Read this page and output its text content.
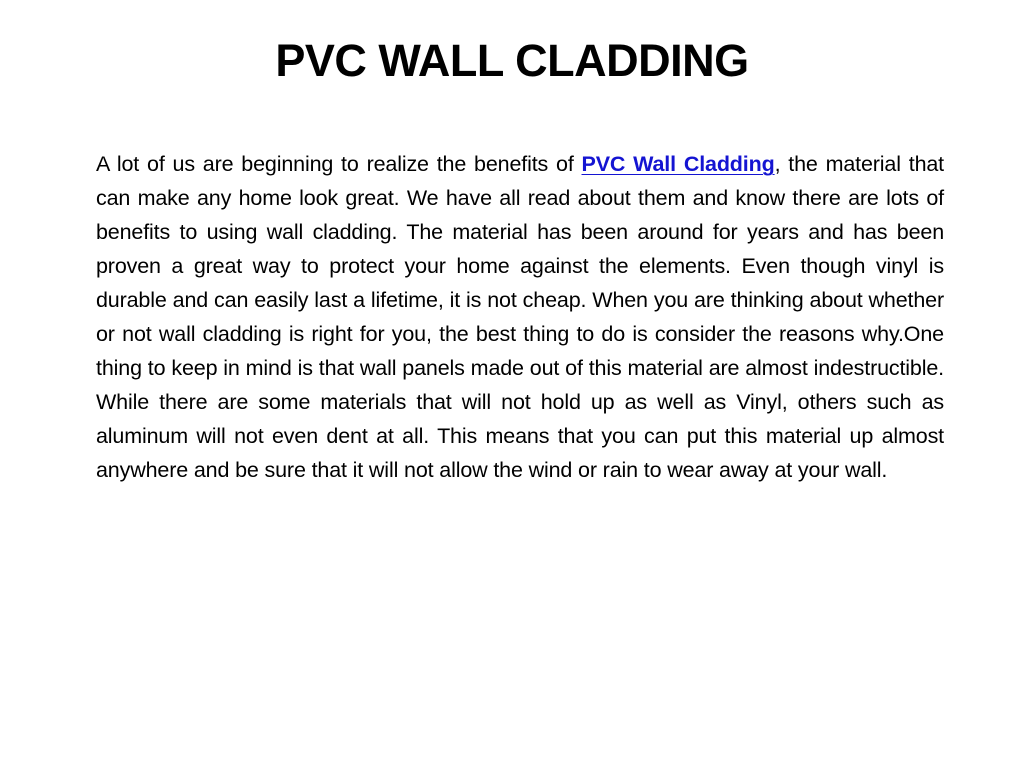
PVC WALL CLADDING

A lot of us are beginning to realize the benefits of PVC Wall Cladding, the material that can make any home look great. We have all read about them and know there are lots of benefits to using wall cladding. The material has been around for years and has been proven a great way to protect your home against the elements. Even though vinyl is durable and can easily last a lifetime, it is not cheap. When you are thinking about whether or not wall cladding is right for you, the best thing to do is consider the reasons why.One thing to keep in mind is that wall panels made out of this material are almost indestructible. While there are some materials that will not hold up as well as Vinyl, others such as aluminum will not even dent at all. This means that you can put this material up almost anywhere and be sure that it will not allow the wind or rain to wear away at your wall.
